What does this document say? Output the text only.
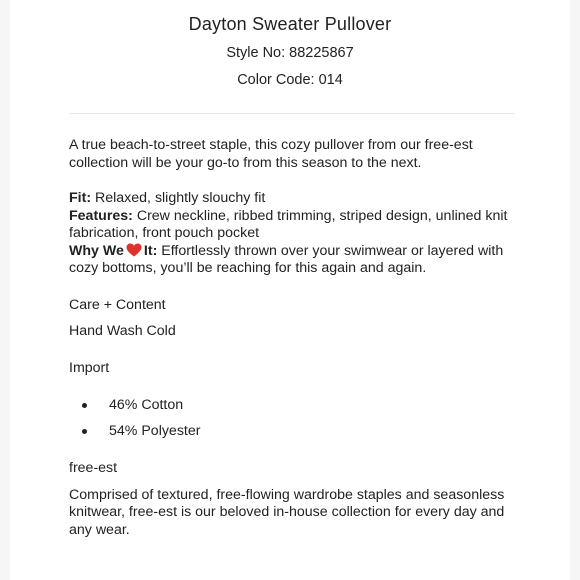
Dayton Sweater Pullover
Style No: 88225867
Color Code: 014

A true beach-to-street staple, this cozy pullover from our free-est collection will be your go-to from this season to the next.

Fit: Relaxed, slightly slouchy fit
Features: Crew neckline, ribbed trimming, striped design, unlined knit fabrication, front pouch pocket
Why We It: Effortlessly thrown over your swimwear or layered with cozy bottoms, you’ll be reaching for this again and again.

Care + Content

Hand Wash Cold

Import

46% Cotton
54% Polyester

free-est

Comprised of textured, free-flowing wardrobe staples and seasonless knitwear, free-est is our beloved in-house collection for every day and any wear.
